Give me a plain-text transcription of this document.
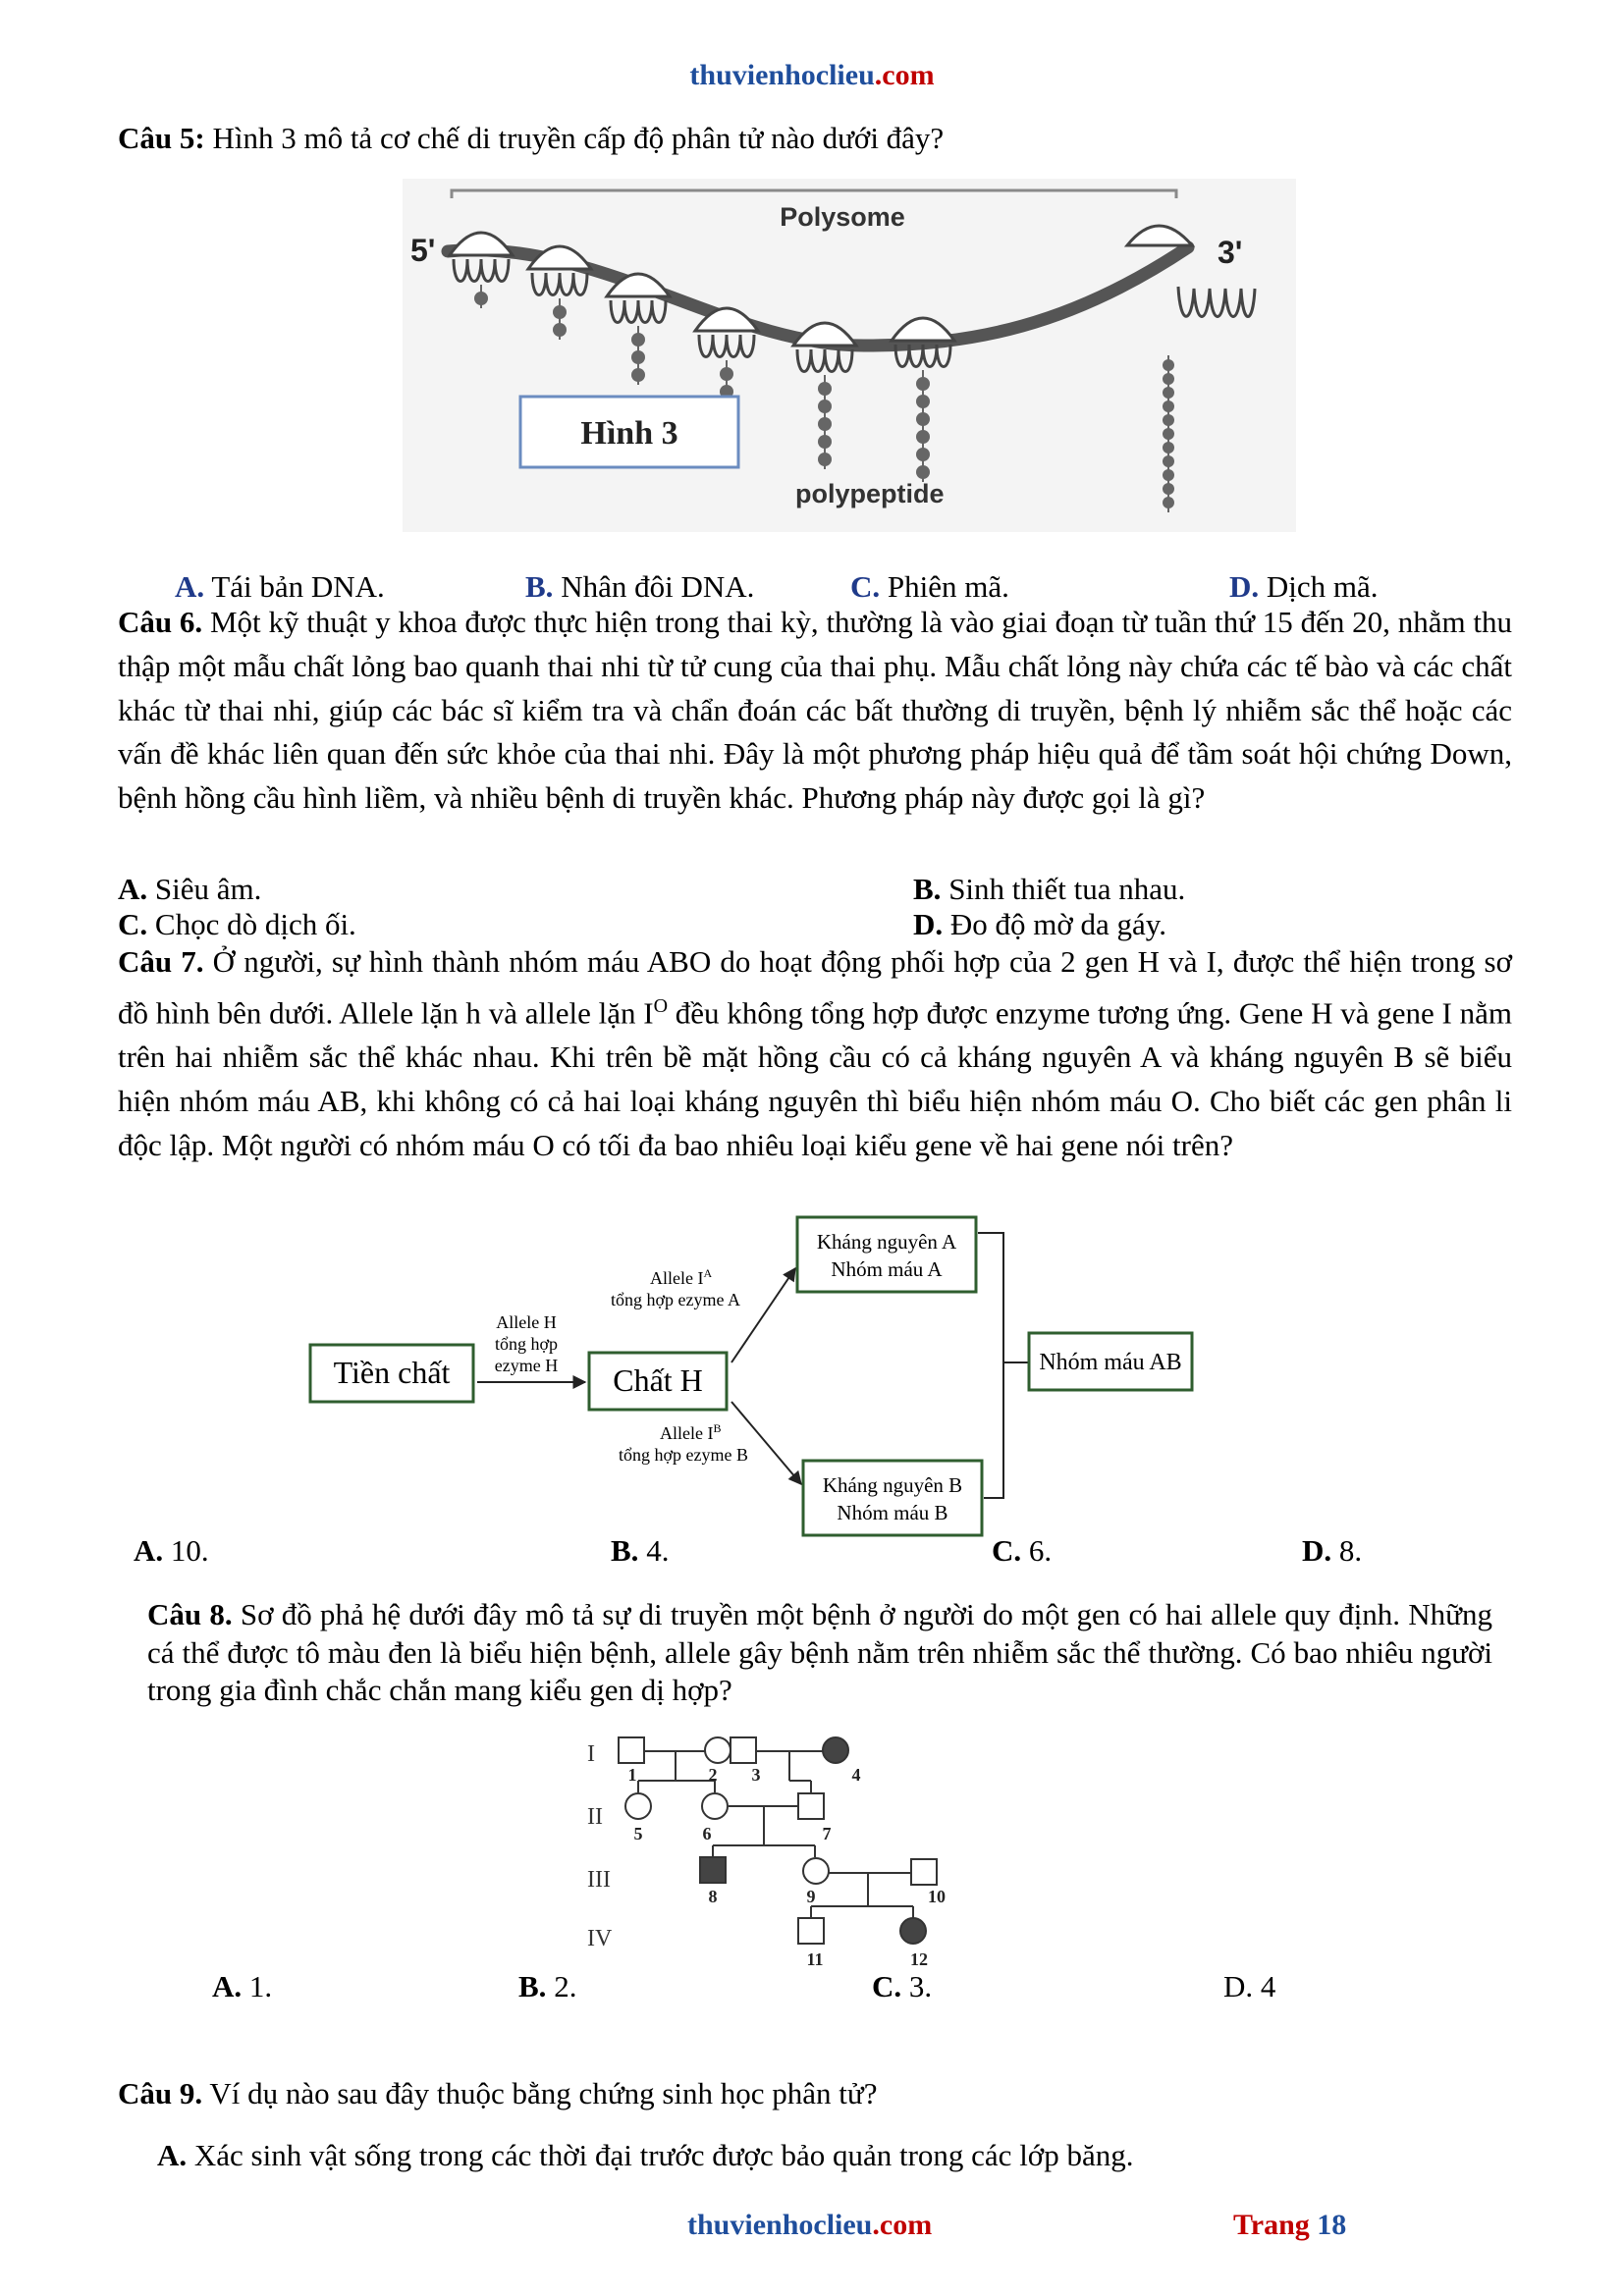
thuvienhoclieu.com
Câu 5: Hình 3 mô tả cơ chế di truyền cấp độ phân tử nào dưới đây?
Polysome
5'	3'
Hình 3
polypeptide
A. Tái bản DNA.	B. Nhân đôi DNA.	C. Phiên mã.	D. Dịch mã.
Câu 6. Một kỹ thuật y khoa được thực hiện trong thai kỳ, thường là vào giai đoạn từ tuần thứ 15 đến 20, nhằm thu thập một mẫu chất lỏng bao quanh thai nhi từ tử cung của thai phụ. Mẫu chất lỏng này chứa các tế bào và các chất khác từ thai nhi, giúp các bác sĩ kiểm tra và chẩn đoán các bất thường di truyền, bệnh lý nhiễm sắc thể hoặc các vấn đề khác liên quan đến sức khỏe của thai nhi. Đây là một phương pháp hiệu quả để tầm soát hội chứng Down, bệnh hồng cầu hình liềm, và nhiều bệnh di truyền khác. Phương pháp này được gọi là gì?
A. Siêu âm.	B. Sinh thiết tua nhau.
C. Chọc dò dịch ối.	D. Đo độ mờ da gáy.
Câu 7. Ở người, sự hình thành nhóm máu ABO do hoạt động phối hợp của 2 gen H và I, được thể hiện trong sơ đồ hình bên dưới. Allele lặn h và allele lặn $I^O$ đều không tổng hợp được enzyme tương ứng. Gene H và gene I nằm trên hai nhiễm sắc thể khác nhau. Khi trên bề mặt hồng cầu có cả kháng nguyên A và kháng nguyên B sẽ biểu hiện nhóm máu AB, khi không có cả hai loại kháng nguyên thì biểu hiện nhóm máu O. Cho biết các gen phân li độc lập. Một người có nhóm máu O có tối đa bao nhiêu loại kiểu gene về hai gene nói trên?
Tiền chất
Allele H
tổng hợp
ezyme H Chất H
Allele $I^A$
tổng hợp ezyme A
Allele $I^B$
tổng hợp ezyme B
Kháng nguyên A
Nhóm máu A
Kháng nguyên B
Nhóm máu B
Nhóm máu AB
A. 10.	B. 4.	C. 6.	D. 8.
Câu 8. Sơ đồ phả hệ dưới đây mô tả sự di truyền một bệnh ở người do một gen có hai allele quy định. Những cá thể được tô màu đen là biểu hiện bệnh, allele gây bệnh nằm trên nhiễm sắc thể thường. Có bao nhiêu người trong gia đình chắc chắn mang kiểu gen dị hợp?
I
II
III
IV
1	2 3	4
5	6	7
8	9	10
11	12
A. 1.	B. 2.	C. 3.	D. 4
Câu 9. Ví dụ nào sau đây thuộc bằng chứng sinh học phân tử?
A. Xác sinh vật sống trong các thời đại trước được bảo quản trong các lớp băng.
thuvienhoclieu.com	Trang 18
